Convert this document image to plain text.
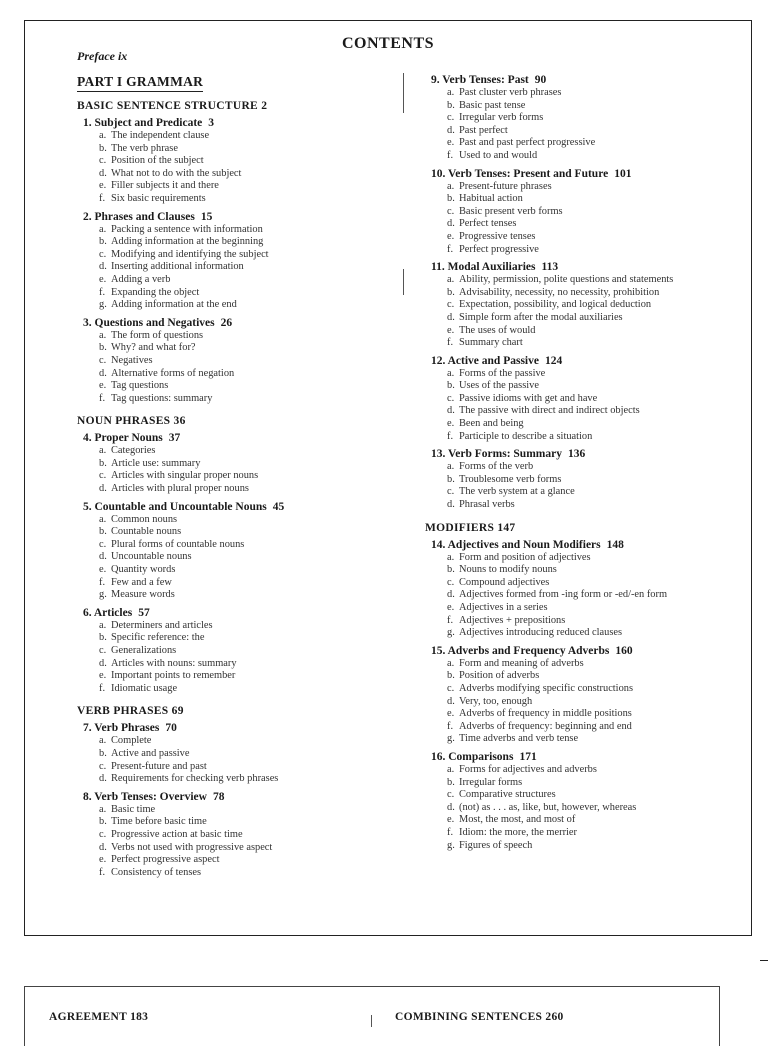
CONTENTS
Preface ix
PART I GRAMMAR
BASIC SENTENCE STRUCTURE 2
1. Subject and Predicate 3
a. The independent clause
b. The verb phrase
c. Position of the subject
d. What not to do with the subject
e. Filler subjects it and there
f. Six basic requirements
2. Phrases and Clauses 15
a. Packing a sentence with information
b. Adding information at the beginning
c. Modifying and identifying the subject
d. Inserting additional information
e. Adding a verb
f. Expanding the object
g. Adding information at the end
3. Questions and Negatives 26
a. The form of questions
b. Why? and what for?
c. Negatives
d. Alternative forms of negation
e. Tag questions
f. Tag questions: summary
NOUN PHRASES 36
4. Proper Nouns 37
a. Categories
b. Article use: summary
c. Articles with singular proper nouns
d. Articles with plural proper nouns
5. Countable and Uncountable Nouns 45
a. Common nouns
b. Countable nouns
c. Plural forms of countable nouns
d. Uncountable nouns
e. Quantity words
f. Few and a few
g. Measure words
6. Articles 57
a. Determiners and articles
b. Specific reference: the
c. Generalizations
d. Articles with nouns: summary
e. Important points to remember
f. Idiomatic usage
VERB PHRASES 69
7. Verb Phrases 70
a. Complete
b. Active and passive
c. Present-future and past
d. Requirements for checking verb phrases
8. Verb Tenses: Overview 78
a. Basic time
b. Time before basic time
c. Progressive action at basic time
d. Verbs not used with progressive aspect
e. Perfect progressive aspect
f. Consistency of tenses
9. Verb Tenses: Past 90
a. Past cluster verb phrases
b. Basic past tense
c. Irregular verb forms
d. Past perfect
e. Past and past perfect progressive
f. Used to and would
10. Verb Tenses: Present and Future 101
a. Present-future phrases
b. Habitual action
c. Basic present verb forms
d. Perfect tenses
e. Progressive tenses
f. Perfect progressive
11. Modal Auxiliaries 113
a. Ability, permission, polite questions and statements
b. Advisability, necessity, no necessity, prohibition
c. Expectation, possibility, and logical deduction
d. Simple form after the modal auxiliaries
e. The uses of would
f. Summary chart
12. Active and Passive 124
a. Forms of the passive
b. Uses of the passive
c. Passive idioms with get and have
d. The passive with direct and indirect objects
e. Been and being
f. Participle to describe a situation
13. Verb Forms: Summary 136
a. Forms of the verb
b. Troublesome verb forms
c. The verb system at a glance
d. Phrasal verbs
MODIFIERS 147
14. Adjectives and Noun Modifiers 148
a. Form and position of adjectives
b. Nouns to modify nouns
c. Compound adjectives
d. Adjectives formed from -ing form or -ed/-en form
e. Adjectives in a series
f. Adjectives + prepositions
g. Adjectives introducing reduced clauses
15. Adverbs and Frequency Adverbs 160
a. Form and meaning of adverbs
b. Position of adverbs
c. Adverbs modifying specific constructions
d. Very, too, enough
e. Adverbs of frequency in middle positions
f. Adverbs of frequency: beginning and end
g. Time adverbs and verb tense
16. Comparisons 171
a. Forms for adjectives and adverbs
b. Irregular forms
c. Comparative structures
d. (not) as . . . as, like, but, however, whereas
e. Most, the most, and most of
f. Idiom: the more, the merrier
g. Figures of speech
AGREEMENT 183	COMBINING SENTENCES 260
